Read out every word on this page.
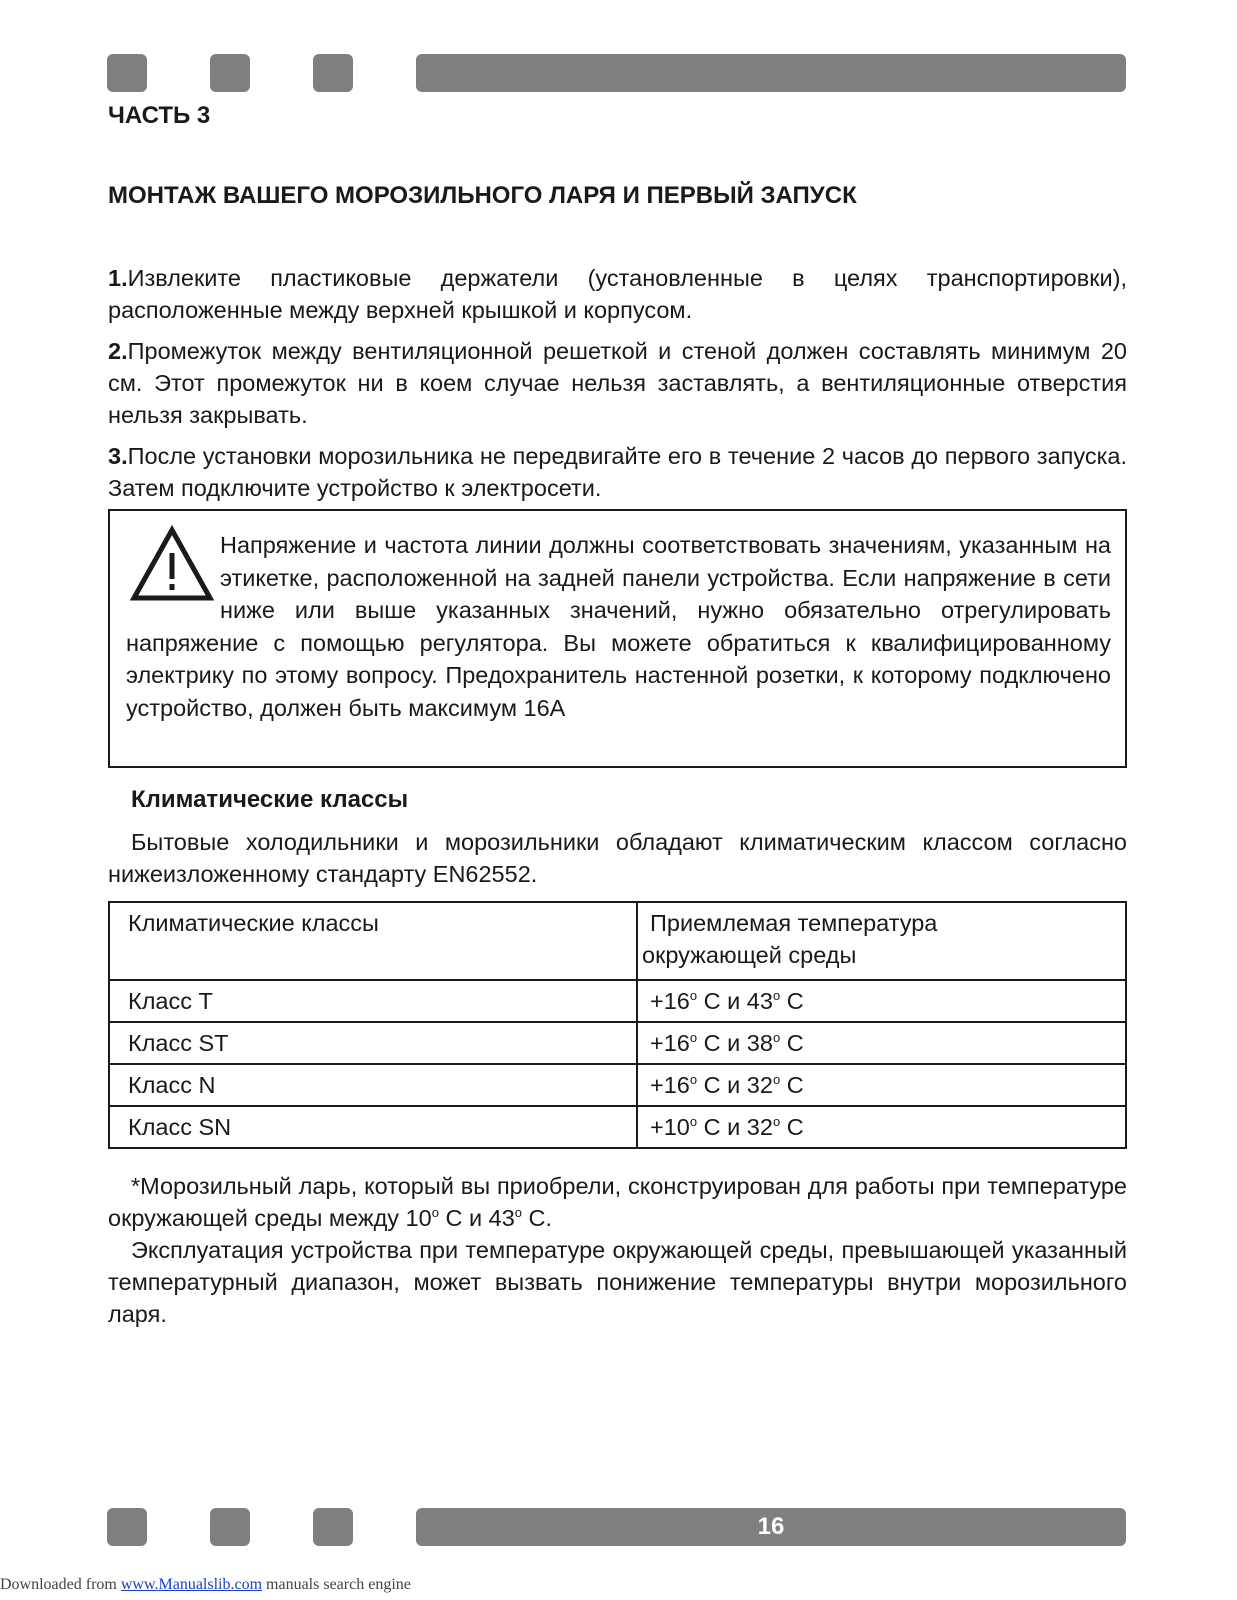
ЧАСТЬ 3
МОНТАЖ ВАШЕГО МОРОЗИЛЬНОГО ЛАРЯ И ПЕРВЫЙ ЗАПУСК
1.Извлеките пластиковые держатели (установленные в целях транспортировки), расположенные между верхней крышкой и корпусом.
2.Промежуток между вентиляционной решеткой и стеной должен составлять минимум 20 см. Этот промежуток ни в коем случае нельзя заставлять, а вентиляционные отверстия нельзя закрывать.
3.После установки морозильника не передвигайте его в течение 2 часов до первого запуска. Затем подключите устройство к электросети.
Напряжение и частота линии должны соответствовать значениям, указанным на этикетке, расположенной на задней панели устройства. Если напряжение в сети ниже или выше указанных значений, нужно обязательно отрегулировать напряжение с помощью регулятора. Вы можете обратиться к квалифицированному электрику по этому вопросу. Предохранитель настенной розетки, к которому подключено устройство, должен быть максимум 16А
Климатические классы
Бытовые холодильники и морозильники обладают климатическим классом согласно нижеизложенному стандарту EN62552.
Климатические классы	Приемлемая температура
окружающей среды
Класс T	$+16^o$ C и 43$^o$ C
Класс ST	$+16^o$ C и 38$^o$ C
Класс N	$+16^o$ C и 32$^o$ C
Класс SN	$+10^o$ C и 32$^o$ C
*Морозильный ларь, который вы приобрели, сконструирован для работы при температуре окружающей среды между 10$^o$ C и 43$^o$ C.
Эксплуатация устройства при температуре окружающей среды, превышающей указанный температурный диапазон, может вызвать понижение температуры внутри морозильного ларя.
16
Downloaded from www.Manualslib.com manuals search engine
